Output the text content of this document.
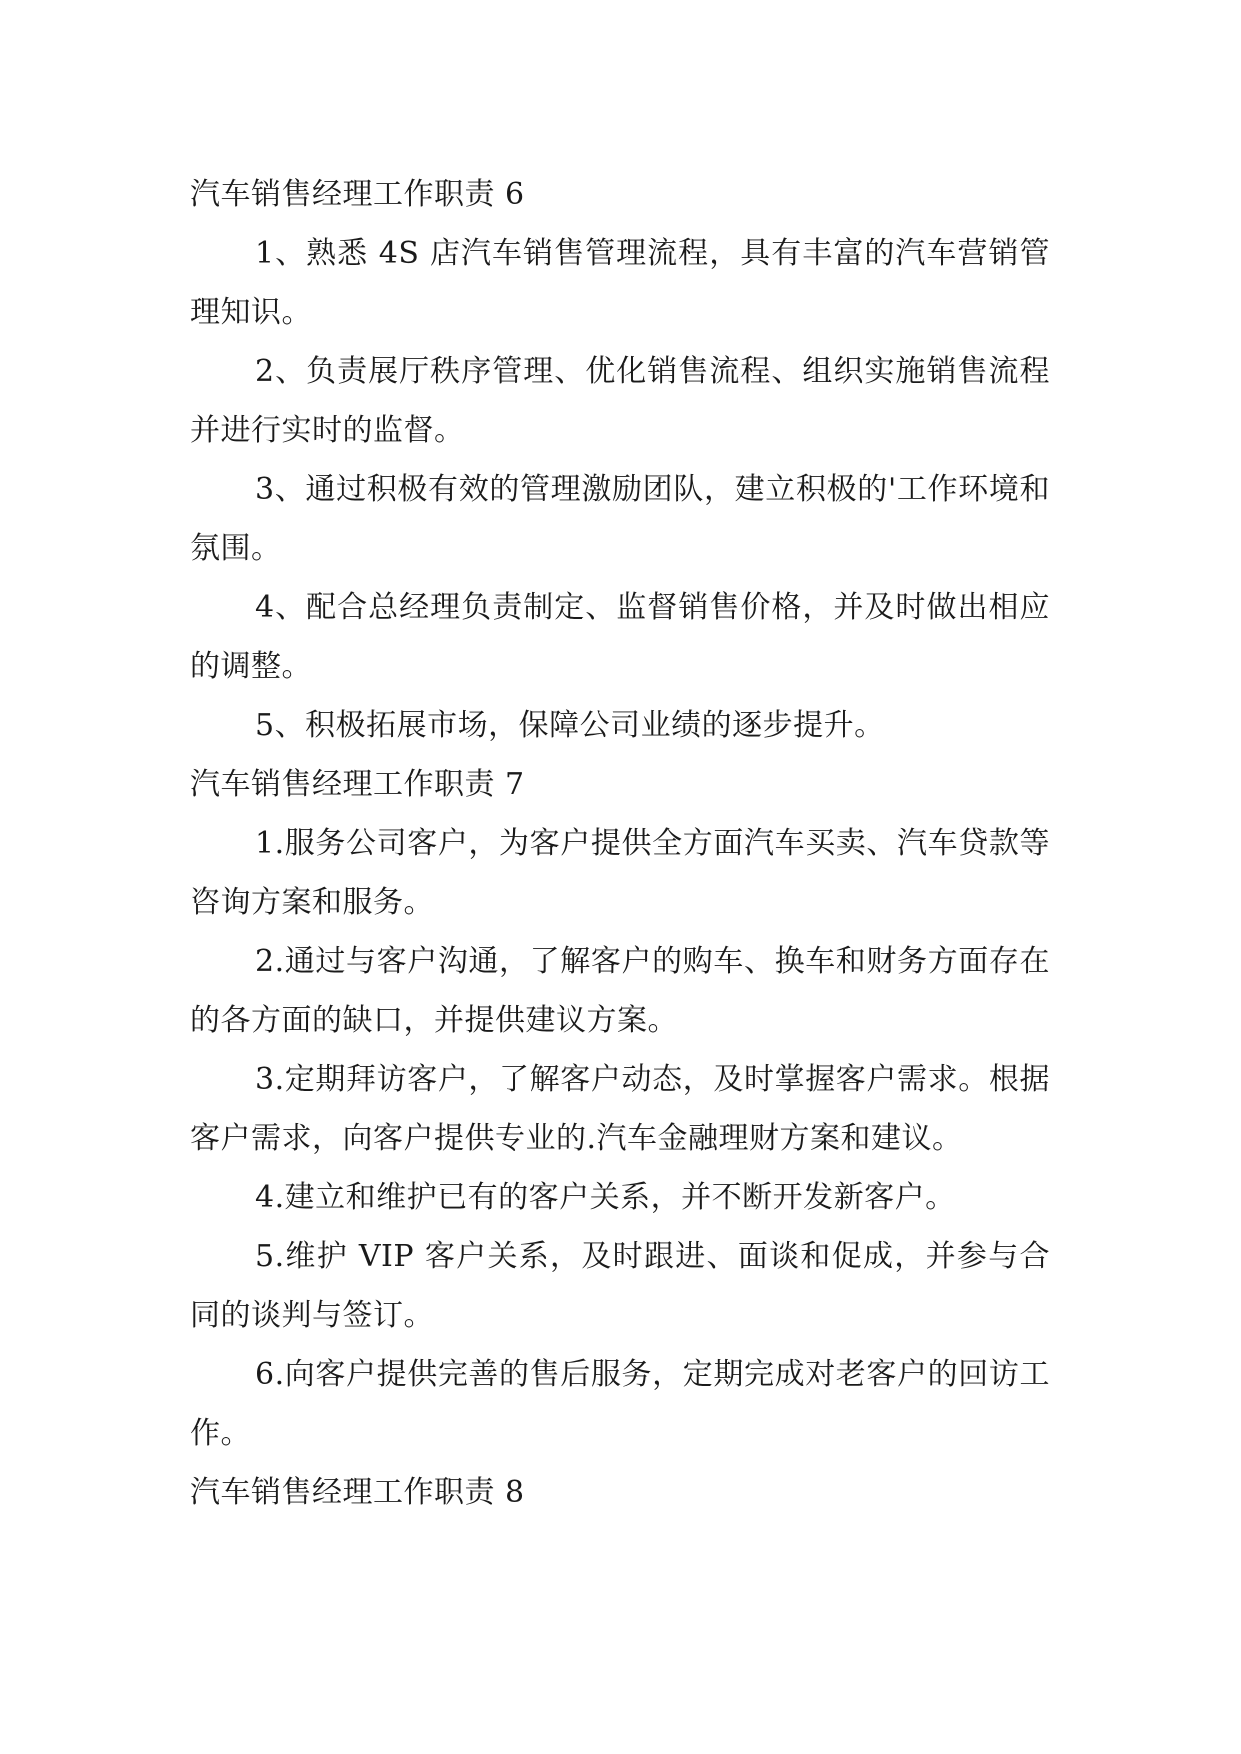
汽车销售经理工作职责 6

1、熟悉 4S 店汽车销售管理流程，具有丰富的汽车营销管理知识。

2、负责展厅秩序管理、优化销售流程、组织实施销售流程并进行实时的监督。

3、通过积极有效的管理激励团队，建立积极的'工作环境和氛围。

4、配合总经理负责制定、监督销售价格，并及时做出相应的调整。

5、积极拓展市场，保障公司业绩的逐步提升。

汽车销售经理工作职责 7

1.服务公司客户，为客户提供全方面汽车买卖、汽车贷款等咨询方案和服务。

2.通过与客户沟通，了解客户的购车、换车和财务方面存在的各方面的缺口，并提供建议方案。

3.定期拜访客户，了解客户动态，及时掌握客户需求。根据客户需求，向客户提供专业的.汽车金融理财方案和建议。

4.建立和维护已有的客户关系，并不断开发新客户。

5.维护 VIP 客户关系，及时跟进、面谈和促成，并参与合同的谈判与签订。

6.向客户提供完善的售后服务，定期完成对老客户的回访工作。

汽车销售经理工作职责 8
